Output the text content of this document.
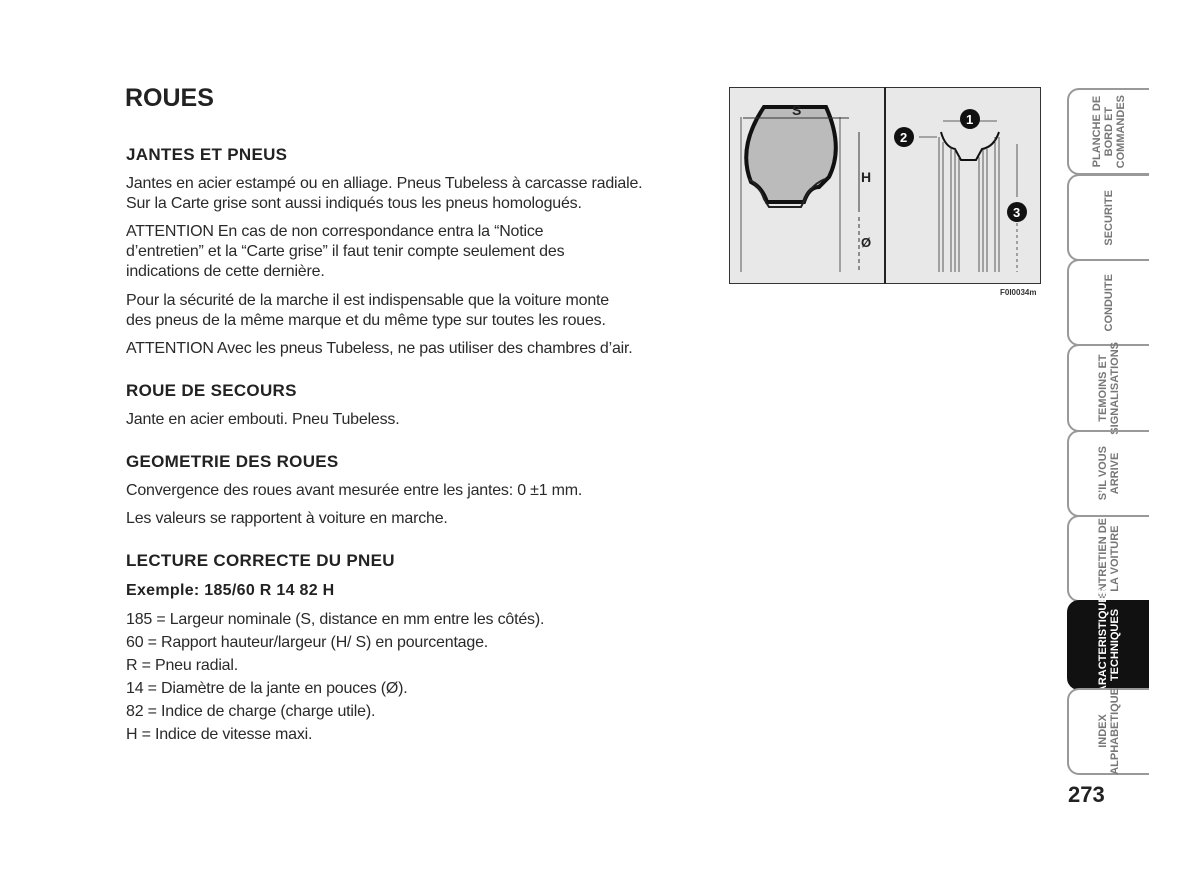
ROUES
JANTES ET PNEUS
Jantes en acier estampé ou en alliage. Pneus Tubeless à carcasse radiale.
Sur la Carte grise sont aussi indiqués tous les pneus homologués.
ATTENTION En cas de non correspondance entra la “Notice
d’entretien” et la “Carte grise” il faut tenir compte seulement des
indications de cette dernière.
Pour la sécurité de la marche il est indispensable que la voiture monte
des pneus de la même marque et du même type sur toutes les roues.
ATTENTION Avec les pneus Tubeless, ne pas utiliser des chambres d’air.
ROUE DE SECOURS
Jante en acier embouti. Pneu Tubeless.
GEOMETRIE DES ROUES
Convergence des roues avant mesurée entre les jantes: 0 ±1 mm.
Les valeurs se rapportent à voiture en marche.
LECTURE CORRECTE DU PNEU
Exemple: 185/60 R 14 82 H
185 = Largeur nominale (S, distance en mm entre les côtés).
60 = Rapport hauteur/largeur (H/ S) en pourcentage.
R = Pneu radial.
14 = Diamètre de la jante en pouces (Ø).
82 = Indice de charge (charge utile).
H = Indice de vitesse maxi.
S
H
Ø
1
2
3
F0I0034m
PLANCHE DE
BORD ET
COMMANDES
SECURITE
CONDUITE
TEMOINS ET
SIGNALISATIONS
S’IL VOUS
ARRIVE
ENTRETIEN DE
LA VOITURE
CARACTERISTIQUES
TECHNIQUES
INDEX
ALPHABETIQUE
273
